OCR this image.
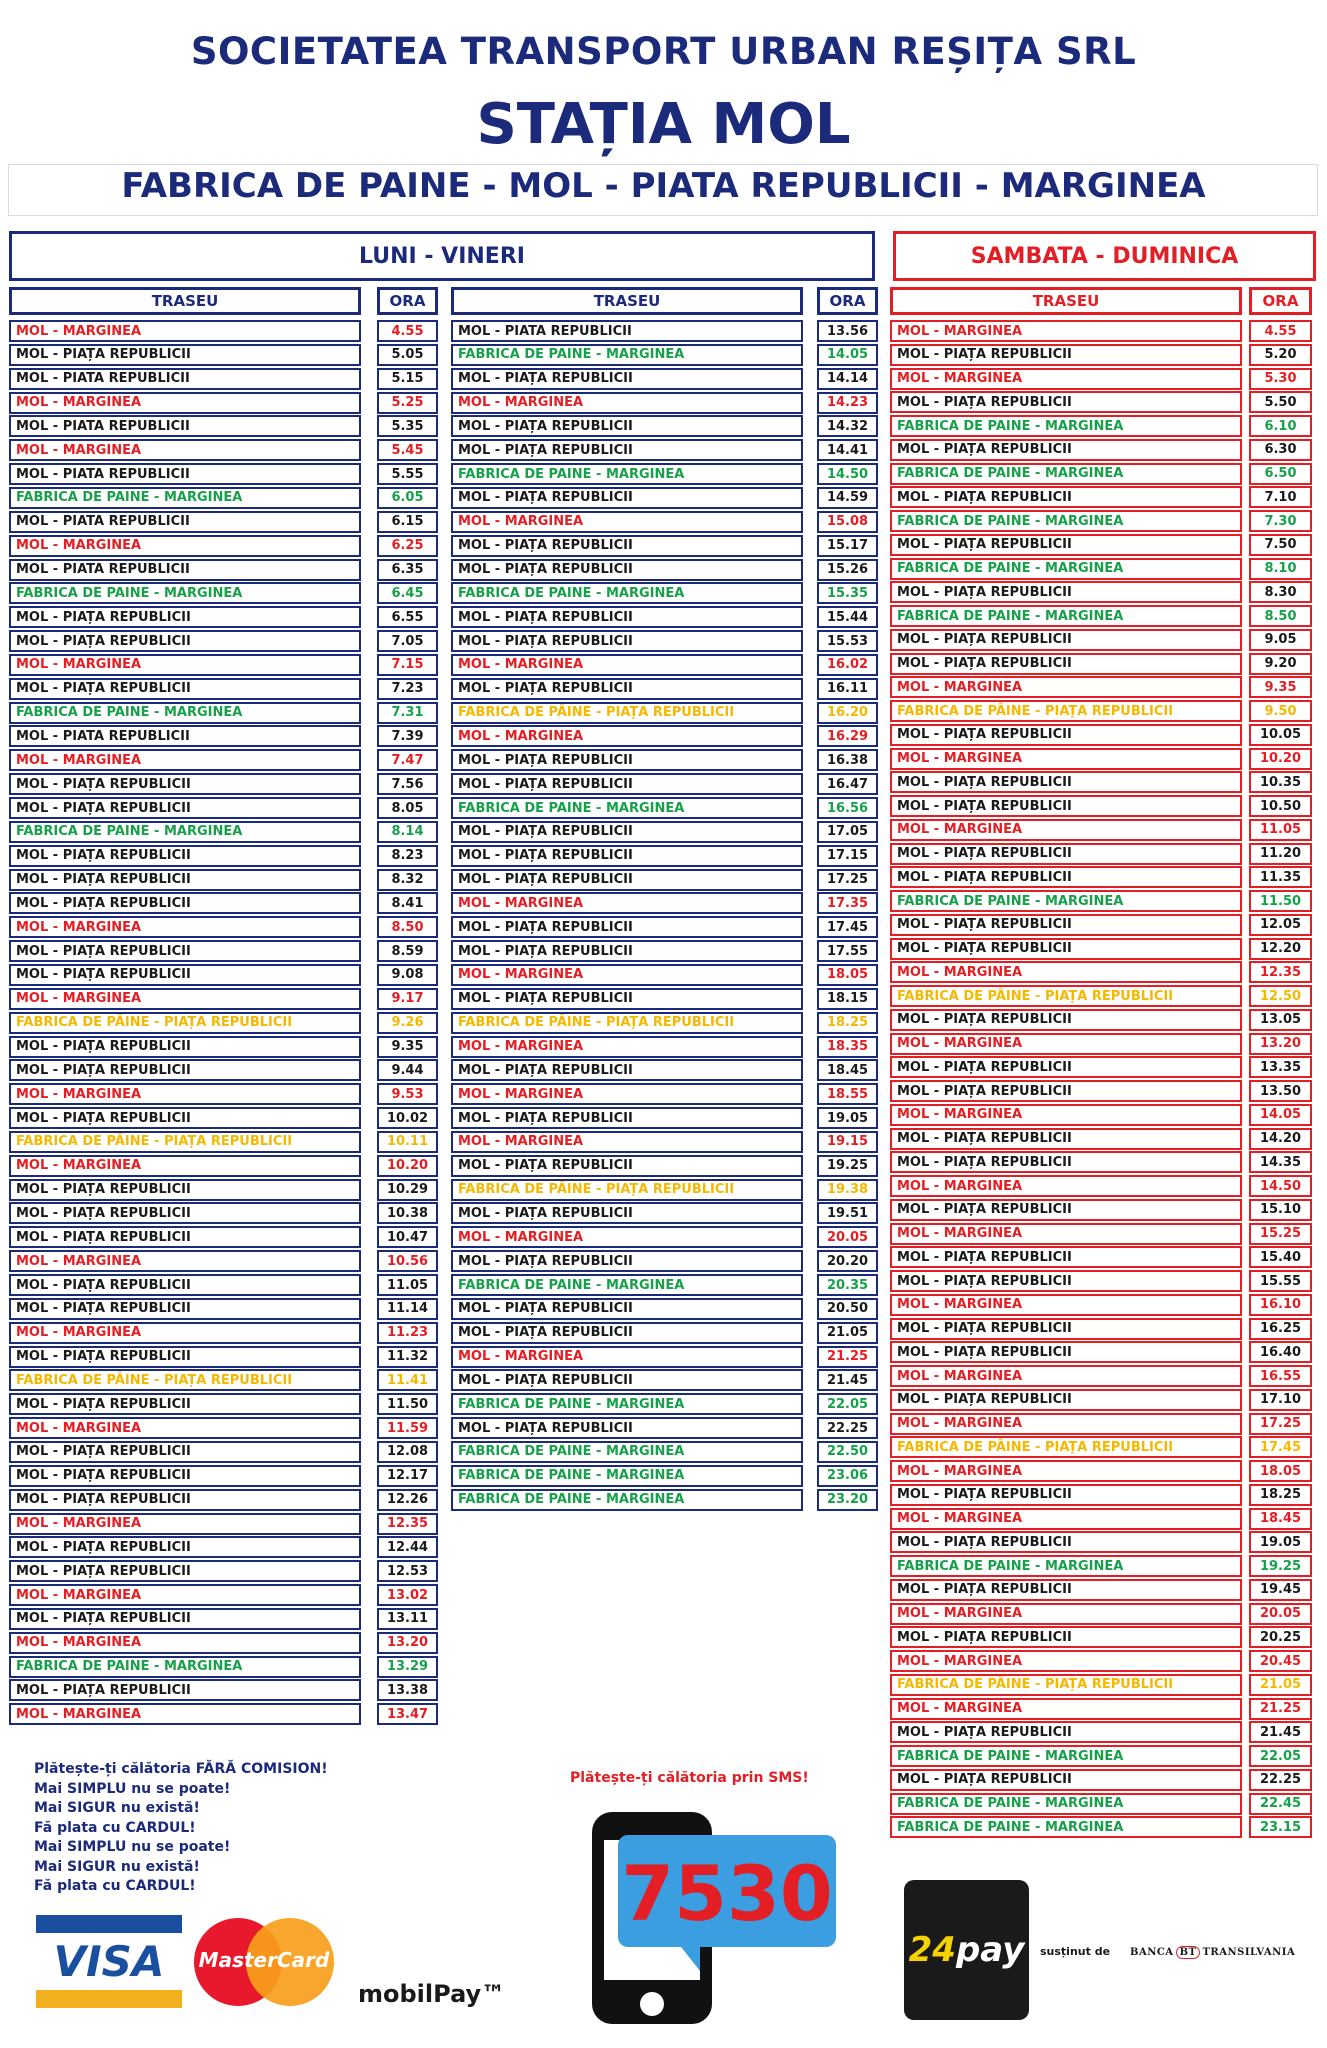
SOCIETATEA TRANSPORT URBAN REȘIȚA SRL
STAȚIA MOL
FABRICA DE PAINE - MOL - PIATA REPUBLICII - MARGINEA
LUNI - VINERI	SAMBATA - DUMINICA
TRASEU	ORA	TRASEU	ORA	TRASEU	ORA
MOL - MARGINEA	4.55
MOL - PIAȚA REPUBLICII	5.05
MOL - PIATA REPUBLICII	5.15
MOL - MARGINEA	5.25
MOL - PIATA REPUBLICII	5.35
MOL - MARGINEA	5.45
MOL - PIATA REPUBLICII	5.55
FABRICA DE PAINE - MARGINEA	6.05
MOL - PIATA REPUBLICII	6.15
MOL - MARGINEA	6.25
MOL - PIATA REPUBLICII	6.35
FABRICA DE PAINE - MARGINEA	6.45
MOL - PIAȚA REPUBLICII	6.55
MOL - PIAȚA REPUBLICII	7.05
MOL - MARGINEA	7.15
MOL - PIAȚA REPUBLICII	7.23
FABRICA DE PAINE - MARGINEA	7.31
MOL - PIATA REPUBLICII	7.39
MOL - MARGINEA	7.47
MOL - PIAȚA REPUBLICII	7.56
MOL - PIAȚA REPUBLICII	8.05
FABRICA DE PAINE - MARGINEA	8.14
MOL - PIAȚA REPUBLICII	8.23
MOL - PIAȚA REPUBLICII	8.32
MOL - PIAȚA REPUBLICII	8.41
MOL - MARGINEA	8.50
MOL - PIAȚA REPUBLICII	8.59
MOL - PIAȚA REPUBLICII	9.08
MOL - MARGINEA	9.17
FABRICA DE PÂINE - PIAȚA REPUBLICII	9.26
MOL - PIAȚA REPUBLICII	9.35
MOL - PIAȚA REPUBLICII	9.44
MOL - MARGINEA	9.53
MOL - PIAȚA REPUBLICII	10.02
FABRICA DE PÂINE - PIAȚA REPUBLICII	10.11
MOL - MARGINEA	10.20
MOL - PIAȚA REPUBLICII	10.29
MOL - PIAȚA REPUBLICII	10.38
MOL - PIAȚA REPUBLICII	10.47
MOL - MARGINEA	10.56
MOL - PIAȚA REPUBLICII	11.05
MOL - PIAȚA REPUBLICII	11.14
MOL - MARGINEA	11.23
MOL - PIAȚA REPUBLICII	11.32
FABRICA DE PÂINE - PIAȚA REPUBLICII	11.41
MOL - PIAȚA REPUBLICII	11.50
MOL - MARGINEA	11.59
MOL - PIAȚA REPUBLICII	12.08
MOL - PIAȚA REPUBLICII	12.17
MOL - PIAȚA REPUBLICII	12.26
MOL - MARGINEA	12.35
MOL - PIAȚA REPUBLICII	12.44
MOL - PIAȚA REPUBLICII	12.53
MOL - MARGINEA	13.02
MOL - PIAȚA REPUBLICII	13.11
MOL - MARGINEA	13.20
FABRICA DE PAINE - MARGINEA	13.29
MOL - PIAȚA REPUBLICII	13.38
MOL - MARGINEA	13.47
MOL - PIATA REPUBLICII	13.56
FABRICA DE PAINE - MARGINEA	14.05
MOL - PIAȚA REPUBLICII	14.14
MOL - MARGINEA	14.23
MOL - PIAȚA REPUBLICII	14.32
MOL - PIAȚA REPUBLICII	14.41
FABRICA DE PAINE - MARGINEA	14.50
MOL - PIAȚA REPUBLICII	14.59
MOL - MARGINEA	15.08
MOL - PIAȚA REPUBLICII	15.17
MOL - PIAȚA REPUBLICII	15.26
FABRICA DE PAINE - MARGINEA	15.35
MOL - PIAȚA REPUBLICII	15.44
MOL - PIAȚA REPUBLICII	15.53
MOL - MARGINEA	16.02
MOL - PIAȚA REPUBLICII	16.11
FABRICA DE PÂINE - PIAȚA REPUBLICII	16.20
MOL - MARGINEA	16.29
MOL - PIAȚA REPUBLICII	16.38
MOL - PIAȚA REPUBLICII	16.47
FABRICA DE PAINE - MARGINEA	16.56
MOL - PIAȚA REPUBLICII	17.05
MOL - PIAȚA REPUBLICII	17.15
MOL - PIAȚA REPUBLICII	17.25
MOL - MARGINEA	17.35
MOL - PIAȚA REPUBLICII	17.45
MOL - PIAȚA REPUBLICII	17.55
MOL - MARGINEA	18.05
MOL - PIAȚA REPUBLICII	18.15
FABRICA DE PÂINE - PIAȚA REPUBLICII	18.25
MOL - MARGINEA	18.35
MOL - PIAȚA REPUBLICII	18.45
MOL - MARGINEA	18.55
MOL - PIAȚA REPUBLICII	19.05
MOL - MARGINEA	19.15
MOL - PIAȚA REPUBLICII	19.25
FABRICA DE PÂINE - PIAȚA REPUBLICII	19.38
MOL - PIAȚA REPUBLICII	19.51
MOL - MARGINEA	20.05
MOL - PIAȚA REPUBLICII	20.20
FABRICA DE PAINE - MARGINEA	20.35
MOL - PIAȚA REPUBLICII	20.50
MOL - PIAȚA REPUBLICII	21.05
MOL - MARGINEA	21.25
MOL - PIAȚA REPUBLICII	21.45
FABRICA DE PAINE - MARGINEA	22.05
MOL - PIAȚA REPUBLICII	22.25
FABRICA DE PAINE - MARGINEA	22.50
FABRICA DE PAINE - MARGINEA	23.06
FABRICA DE PAINE - MARGINEA	23.20
MOL - MARGINEA	4.55
MOL - PIAȚA REPUBLICII	5.20
MOL - MARGINEA	5.30
MOL - PIAȚA REPUBLICII	5.50
FABRICA DE PAINE - MARGINEA	6.10
MOL - PIAȚA REPUBLICII	6.30
FABRICA DE PAINE - MARGINEA	6.50
MOL - PIAȚA REPUBLICII	7.10
FABRICA DE PAINE - MARGINEA	7.30
MOL - PIAȚA REPUBLICII	7.50
FABRICA DE PAINE - MARGINEA	8.10
MOL - PIAȚA REPUBLICII	8.30
FABRICA DE PAINE - MARGINEA	8.50
MOL - PIAȚA REPUBLICII	9.05
MOL - PIAȚA REPUBLICII	9.20
MOL - MARGINEA	9.35
FABRICA DE PÂINE - PIAȚA REPUBLICII	9.50
MOL - PIAȚA REPUBLICII	10.05
MOL - MARGINEA	10.20
MOL - PIAȚA REPUBLICII	10.35
MOL - PIAȚA REPUBLICII	10.50
MOL - MARGINEA	11.05
MOL - PIAȚA REPUBLICII	11.20
MOL - PIAȚA REPUBLICII	11.35
FABRICA DE PAINE - MARGINEA	11.50
MOL - PIAȚA REPUBLICII	12.05
MOL - PIAȚA REPUBLICII	12.20
MOL - MARGINEA	12.35
FABRICA DE PÂINE - PIAȚA REPUBLICII	12.50
MOL - PIAȚA REPUBLICII	13.05
MOL - MARGINEA	13.20
MOL - PIAȚA REPUBLICII	13.35
MOL - PIAȚA REPUBLICII	13.50
MOL - MARGINEA	14.05
MOL - PIAȚA REPUBLICII	14.20
MOL - PIAȚA REPUBLICII	14.35
MOL - MARGINEA	14.50
MOL - PIAȚA REPUBLICII	15.10
MOL - MARGINEA	15.25
MOL - PIAȚA REPUBLICII	15.40
MOL - PIAȚA REPUBLICII	15.55
MOL - MARGINEA	16.10
MOL - PIAȚA REPUBLICII	16.25
MOL - PIAȚA REPUBLICII	16.40
MOL - MARGINEA	16.55
MOL - PIAȚA REPUBLICII	17.10
MOL - MARGINEA	17.25
FABRICA DE PÂINE - PIAȚA REPUBLICII	17.45
MOL - MARGINEA	18.05
MOL - PIAȚA REPUBLICII	18.25
MOL - MARGINEA	18.45
MOL - PIAȚA REPUBLICII	19.05
FABRICA DE PAINE - MARGINEA	19.25
MOL - PIAȚA REPUBLICII	19.45
MOL - MARGINEA	20.05
MOL - PIAȚA REPUBLICII	20.25
MOL - MARGINEA	20.45
FABRICA DE PÂINE - PIAȚA REPUBLICII	21.05
MOL - MARGINEA	21.25
MOL - PIAȚA REPUBLICII	21.45
FABRICA DE PAINE - MARGINEA	22.05
MOL - PIAȚA REPUBLICII	22.25
FABRICA DE PAINE - MARGINEA	22.45
FABRICA DE PAINE - MARGINEA	23.15
Plătește-ți călătoria FĂRĂ COMISION!
Mai SIMPLU nu se poate!
Mai SIGUR nu există!
Fă plata cu CARDUL!
Mai SIMPLU nu se poate!
Mai SIGUR nu există!
Fă plata cu CARDUL!
Plătește-ți călătoria prin SMS!
VISA	MasterCard
mobilPay™
7530
24 pay susținut de BANCA BT TRANSILVANIA
